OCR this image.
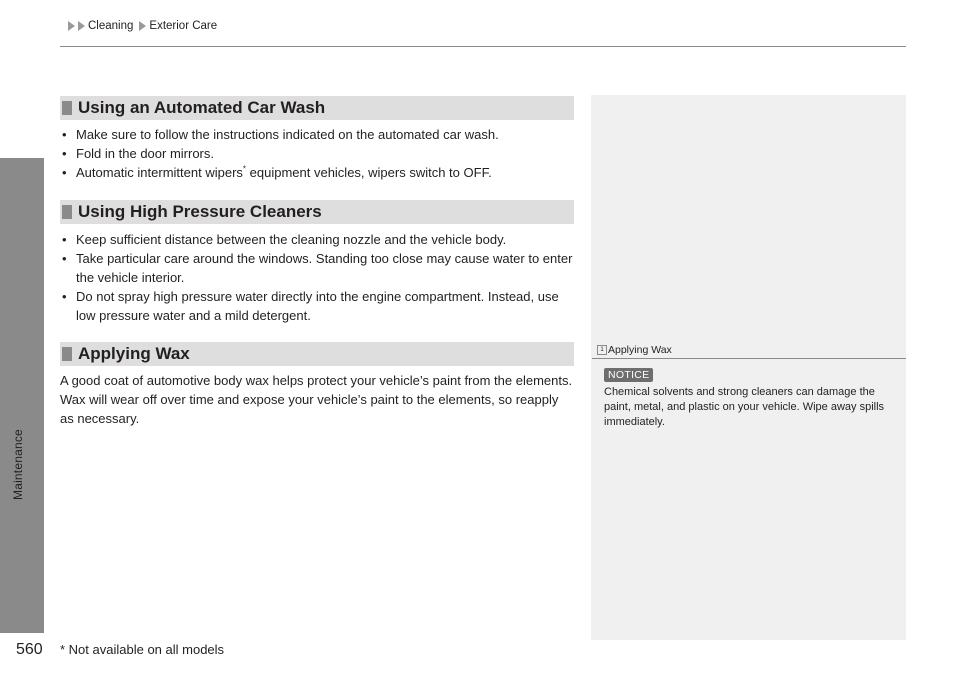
Maintenance
Cleaning Exterior Care
Using an Automated Car Wash
• Make sure to follow the instructions indicated on the automated car wash.
• Fold in the door mirrors.
• Automatic intermittent wipers* equipment vehicles, wipers switch to OFF.
Using High Pressure Cleaners
• Keep sufficient distance between the cleaning nozzle and the vehicle body.
• Take particular care around the windows. Standing too close may cause water to enter the vehicle interior.
• Do not spray high pressure water directly into the engine compartment. Instead, use low pressure water and a mild detergent.
Applying Wax

A good coat of automotive body wax helps protect your vehicle’s paint from the elements. Wax will wear off over time and expose your vehicle’s paint to the elements, so reapply as necessary.

1 Applying Wax
NOTICE

Chemical solvents and strong cleaners can damage the paint, metal, and plastic on your vehicle. Wipe away spills immediately.

560 * Not available on all models
